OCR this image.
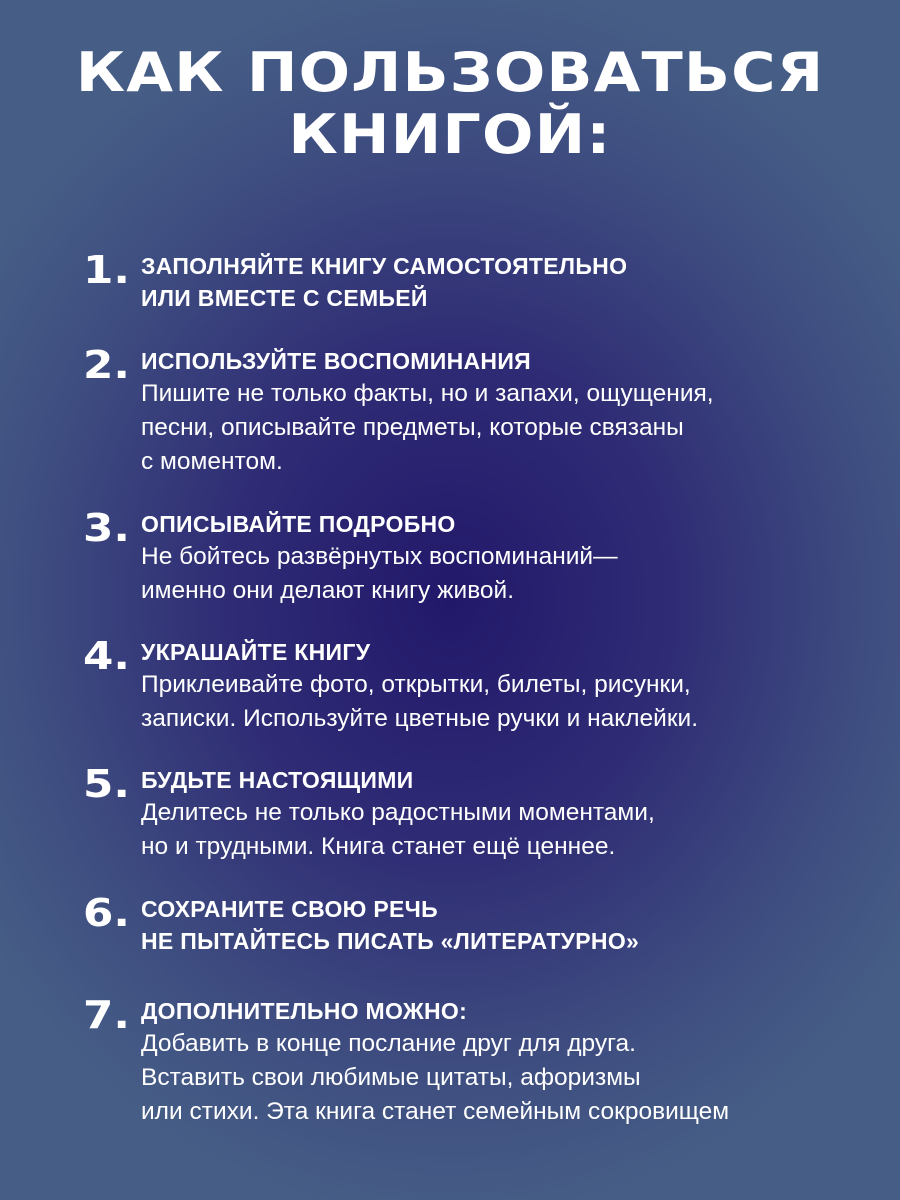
КАК ПОЛЬЗОВАТЬСЯ
КНИГОЙ:
1. ЗАПОЛНЯЙТЕ КНИГУ САМОСТОЯТЕЛЬНО
ИЛИ ВМЕСТЕ С СЕМЬЕЙ
2. ИСПОЛЬЗУЙТЕ ВОСПОМИНАНИЯ
Пишите не только факты, но и запахи, ощущения,
песни, описывайте предметы, которые связаны
с моментом.
3. ОПИСЫВАЙТЕ ПОДРОБНО
Не бойтесь развёрнутых воспоминаний—
именно они делают книгу живой.
4. УКРАШАЙТЕ КНИГУ
Приклеивайте фото, открытки, билеты, рисунки,
записки. Используйте цветные ручки и наклейки.
5. БУДЬТЕ НАСТОЯЩИМИ
Делитесь не только радостными моментами,
но и трудными. Книга станет ещё ценнее.
6. СОХРАНИТЕ СВОЮ РЕЧЬ
НЕ ПЫТАЙТЕСЬ ПИСАТЬ «ЛИТЕРАТУРНО»
7. ДОПОЛНИТЕЛЬНО МОЖНО:
Добавить в конце послание друг для друга.
Вставить свои любимые цитаты, афоризмы
или стихи. Эта книга станет семейным сокровищем
